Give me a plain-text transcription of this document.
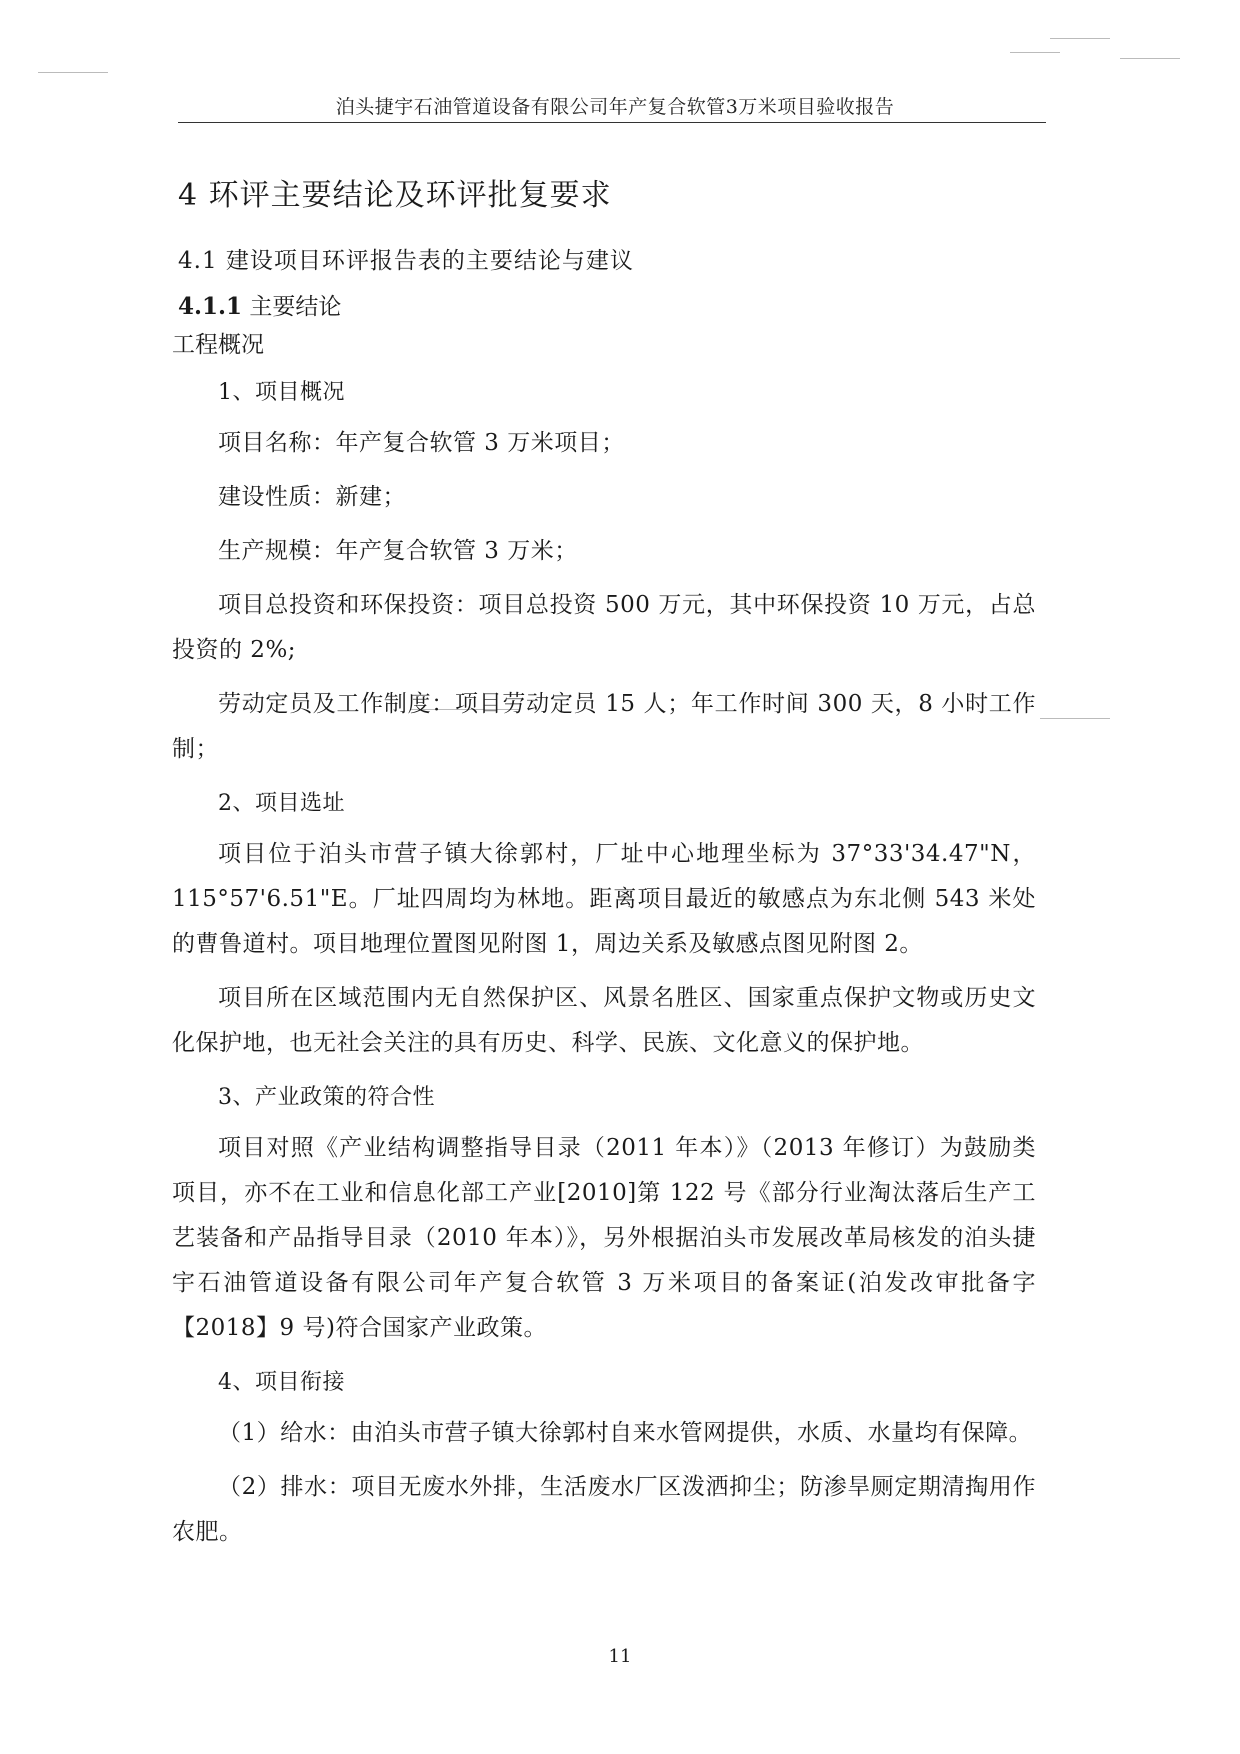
泊头捷宇石油管道设备有限公司年产复合软管3万米项目验收报告
4 环评主要结论及环评批复要求
4.1 建设项目环评报告表的主要结论与建议
4.1.1 主要结论
工程概况

1、项目概况

项目名称：年产复合软管 3 万米项目；

建设性质：新建；

生产规模：年产复合软管 3 万米；

项目总投资和环保投资：项目总投资 500 万元，其中环保投资 10 万元，占总投资的 2%;

劳动定员及工作制度：项目劳动定员 15 人；年工作时间 300 天，8 小时工作制；

2、项目选址

项目位于泊头市营子镇大徐郭村，厂址中心地理坐标为 37°33'34.47"N，115°57'6.51"E。厂址四周均为林地。距离项目最近的敏感点为东北侧 543 米处的曹鲁道村。项目地理位置图见附图 1，周边关系及敏感点图见附图 2。

项目所在区域范围内无自然保护区、风景名胜区、国家重点保护文物或历史文化保护地，也无社会关注的具有历史、科学、民族、文化意义的保护地。

3、产业政策的符合性

项目对照《产业结构调整指导目录（2011 年本）》（2013 年修订）为鼓励类项目，亦不在工业和信息化部工产业[2010]第 122 号《部分行业淘汰落后生产工艺装备和产品指导目录（2010 年本）》，另外根据泊头市发展改革局核发的泊头捷宇石油管道设备有限公司年产复合软管 3 万米项目的备案证(泊发改审批备字【2018】9 号)符合国家产业政策。

4、项目衔接

（1）给水：由泊头市营子镇大徐郭村自来水管网提供，水质、水量均有保障。

（2）排水：项目无废水外排，生活废水厂区泼洒抑尘；防渗旱厕定期清掏用作农肥。

11
